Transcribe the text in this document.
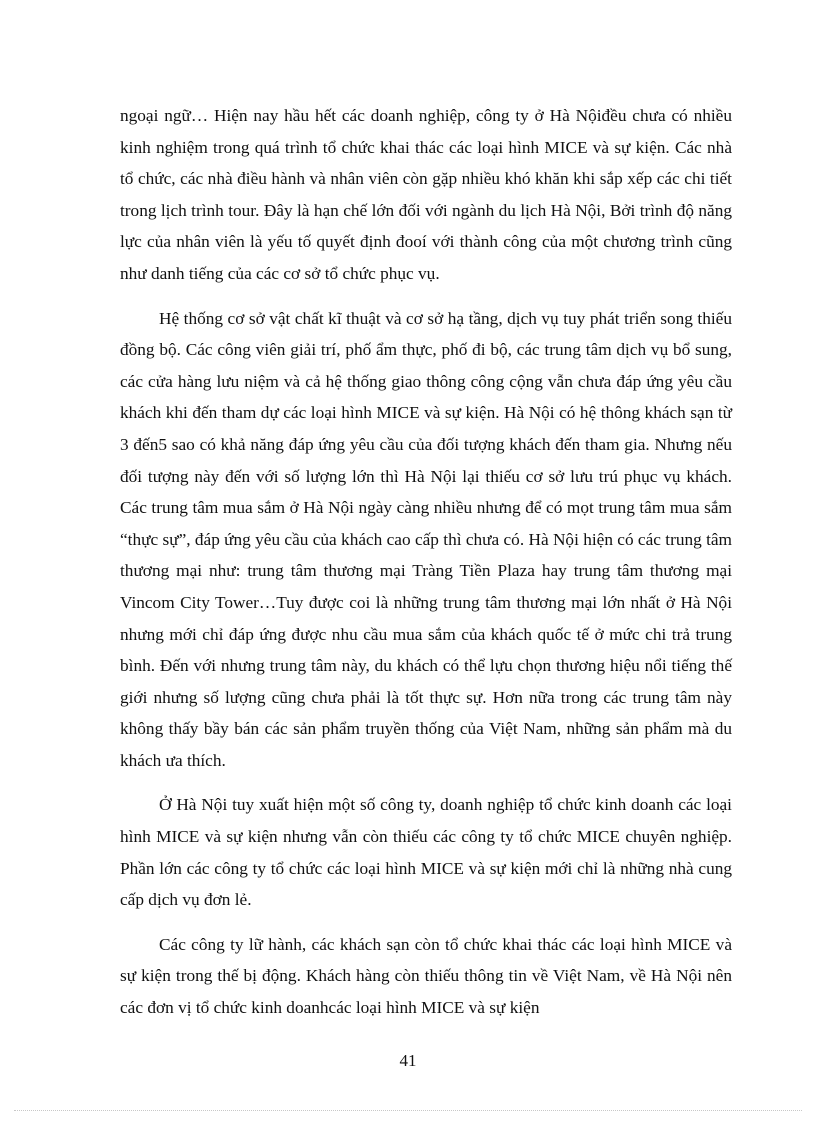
ngoại ngữ… Hiện nay hầu hết các doanh nghiệp, công ty ở Hà Nộiđều chưa có nhiều kinh nghiệm trong quá trình tổ chức khai thác các loại hình MICE và sự kiện. Các nhà tổ chức, các nhà điều hành và nhân viên còn gặp nhiều khó khăn khi sắp xếp các chi tiết trong lịch trình tour. Đây là hạn chế lớn đối với ngành du lịch Hà Nội, Bởi trình độ năng lực của nhân viên là yếu tố quyết định đooí với thành công của một chương trình cũng như danh tiếng của các cơ sở tổ chức phục vụ.

Hệ thống cơ sở vật chất kĩ thuật và cơ sở hạ tầng, dịch vụ tuy phát triển song thiếu đồng bộ. Các công viên giải trí, phố ẩm thực, phố đi bộ, các trung tâm dịch vụ bổ sung, các cửa hàng lưu niệm và cả hệ thống giao thông công cộng vẫn chưa đáp ứng yêu cầu khách khi đến tham dự các loại hình MICE và sự kiện. Hà Nội có hệ thông khách sạn từ 3 đến5 sao có khả năng đáp ứng yêu cầu của đối tượng khách đến tham gia. Nhưng nếu đối tượng này đến với số lượng lớn thì Hà Nội lại thiếu cơ sở lưu trú phục vụ khách. Các trung tâm mua sắm ở Hà Nội ngày càng nhiều nhưng để có mọt trung tâm mua sắm “thực sự”, đáp ứng yêu cầu của khách cao cấp thì chưa có. Hà Nội hiện có các trung tâm thương mại như: trung tâm thương mại Tràng Tiền Plaza hay trung tâm thương mại Vincom City Tower…Tuy được coi là những trung tâm thương mại lớn nhất ở Hà Nội nhưng mới chỉ đáp ứng được nhu cầu mua sắm của khách quốc tế ở mức chi trả trung bình. Đến với nhưng trung tâm này, du khách có thể lựu chọn thương hiệu nổi tiếng thế giới nhưng số lượng cũng chưa phải là tốt thực sự. Hơn nữa trong các trung tâm này không thấy bầy bán các sản phẩm truyền thống của Việt Nam, những sản phẩm mà du khách ưa thích.

Ở Hà Nội tuy xuất hiện một số công ty, doanh nghiệp tổ chức kinh doanh các loại hình MICE và sự kiện nhưng vẫn còn thiếu các công ty tổ chức MICE chuyên nghiệp. Phần lớn các công ty tổ chức các loại hình MICE và sự kiện mới chỉ là những nhà cung cấp dịch vụ đơn lẻ.

Các công ty lữ hành, các khách sạn còn tổ chức khai thác các loại hình MICE và sự kiện trong thế bị động. Khách hàng còn thiếu thông tin về Việt Nam, về Hà Nội nên các đơn vị tổ chức kinh doanhcác loại hình MICE và sự kiện

41
